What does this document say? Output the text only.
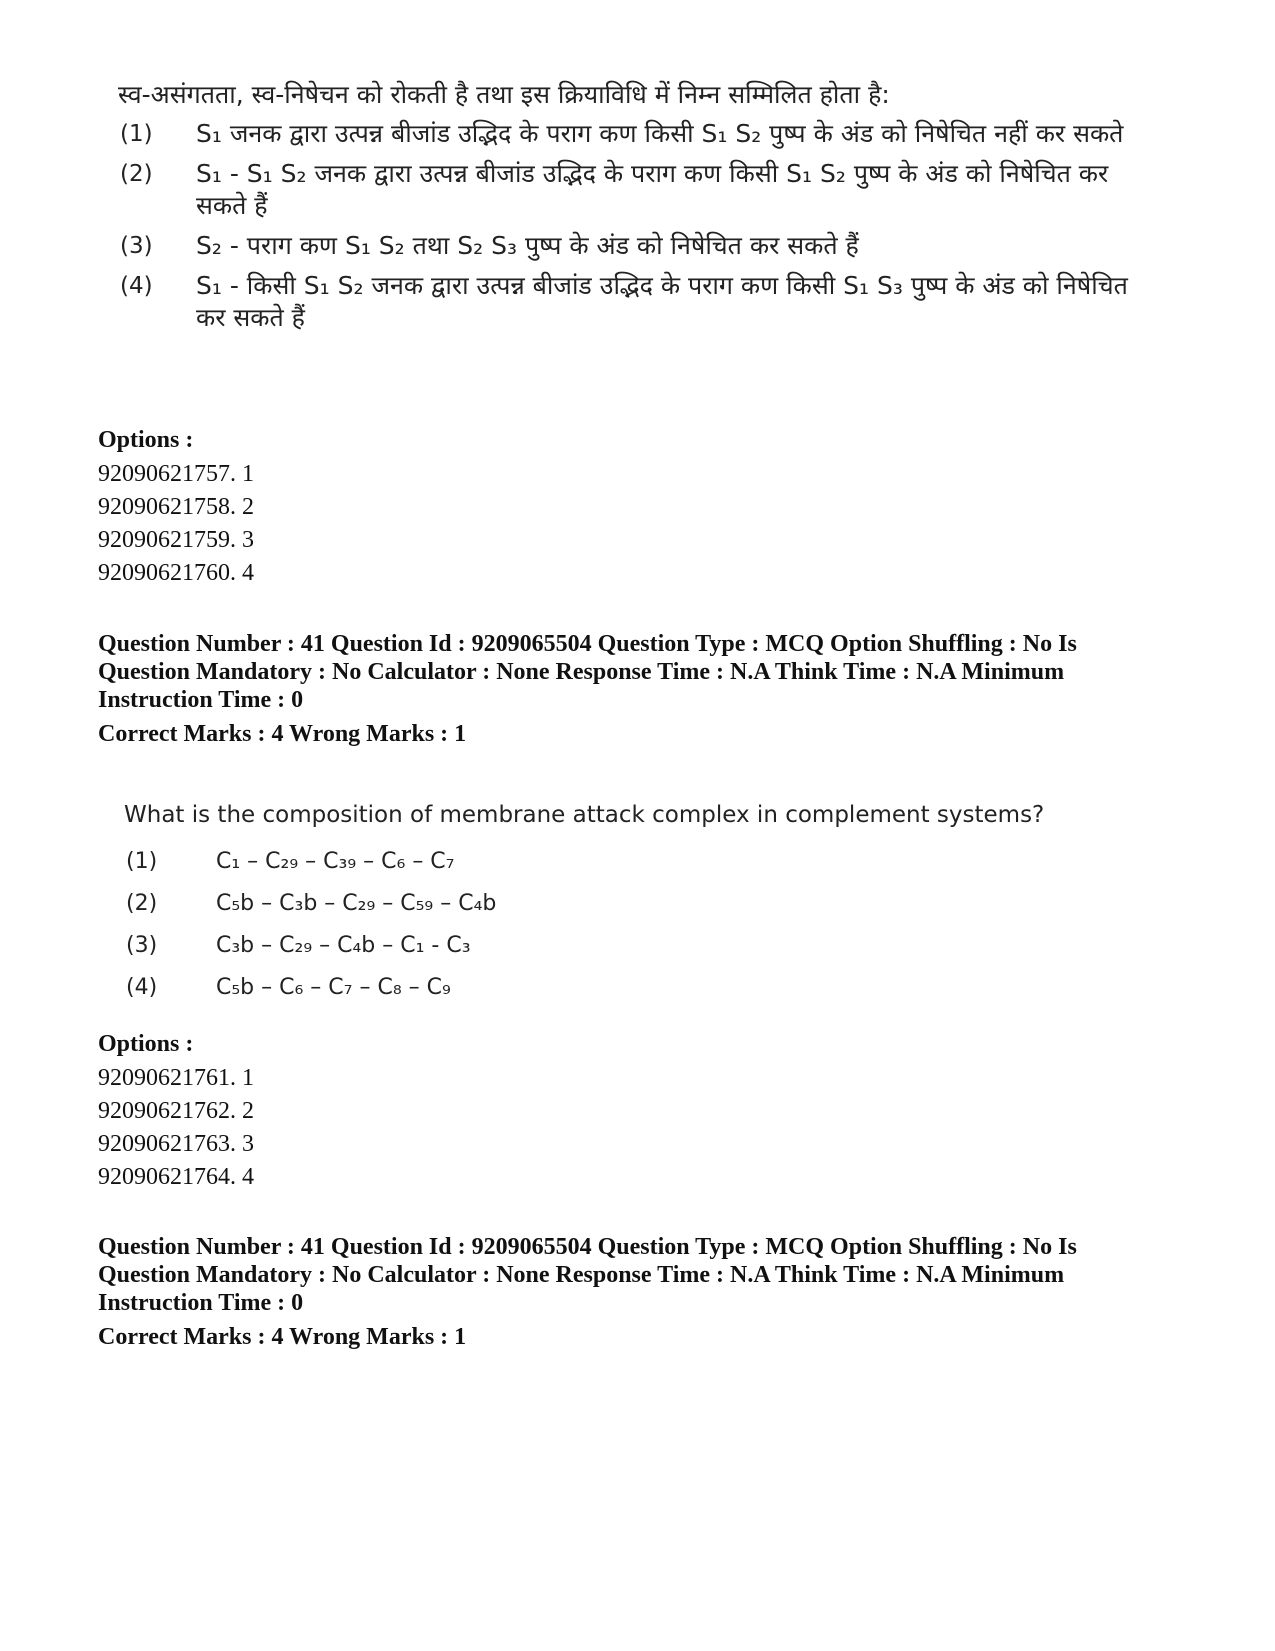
स्व-असंगतता, स्व-निषेचन को रोकती है तथा इस क्रियाविधि में निम्न सम्मिलित होता है:
(1)	S₁ जनक द्वारा उत्पन्न बीजांड उद्भिद के पराग कण किसी S₁ S₂ पुष्प के अंड को निषेचित नहीं कर सकते
(2)	S₁ - S₁ S₂ जनक द्वारा उत्पन्न बीजांड उद्भिद के पराग कण किसी S₁ S₂ पुष्प के अंड को निषेचित कर सकते हैं
(3)	S₂ - पराग कण S₁ S₂ तथा S₂ S₃ पुष्प के अंड को निषेचित कर सकते हैं
(4)	S₁ - किसी S₁ S₂ जनक द्वारा उत्पन्न बीजांड उद्भिद के पराग कण किसी S₁ S₃ पुष्प के अंड को निषेचित कर सकते हैं
Options :
92090621757. 1
92090621758. 2
92090621759. 3
92090621760. 4
Question Number : 41 Question Id : 9209065504 Question Type : MCQ Option Shuffling : No Is
Question Mandatory : No Calculator : None Response Time : N.A Think Time : N.A Minimum
Instruction Time : 0
Correct Marks : 4 Wrong Marks : 1
What is the composition of membrane attack complex in complement systems?
(1)	C₁ – C₂₉ – C₃₉ – C₆ – C₇
(2)	C₅b – C₃b – C₂₉ – C₅₉ – C₄b
(3)	C₃b – C₂₉ – C₄b – C₁ - C₃
(4)	C₅b – C₆ – C₇ – C₈ – C₉
Options :
92090621761. 1
92090621762. 2
92090621763. 3
92090621764. 4
Question Number : 41 Question Id : 9209065504 Question Type : MCQ Option Shuffling : No Is
Question Mandatory : No Calculator : None Response Time : N.A Think Time : N.A Minimum
Instruction Time : 0
Correct Marks : 4 Wrong Marks : 1
